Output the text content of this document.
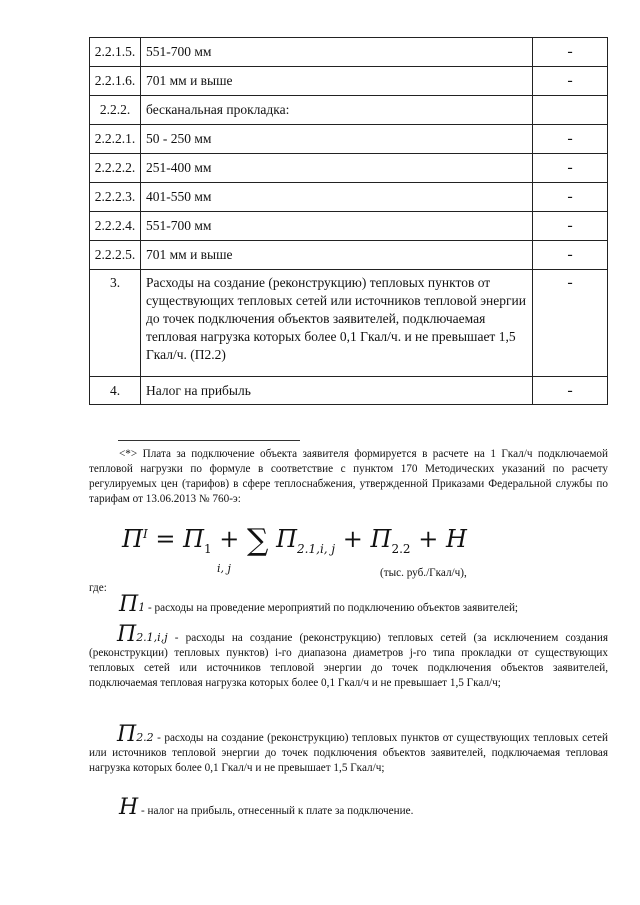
2.2.1.5.	551-700 мм	-
2.2.1.6.	701 мм и выше	-
2.2.2.	бесканальная прокладка:	
2.2.2.1.	50 - 250 мм	-
2.2.2.2.	251-400 мм	-
2.2.2.3.	401-550 мм	-
2.2.2.4.	551-700 мм	-
2.2.2.5.	701 мм и выше	-
3.	Расходы на создание (реконструкцию) тепловых пунктов от существующих тепловых сетей или источников тепловой энергии до точек подключения объектов заявителей, подключаемая тепловая нагрузка которых более 0,1 Гкал/ч. и не превышает 1,5 Гкал/ч. (П2.2)	-
4.	Налог на прибыль	-
<*> Плата за подключение объекта заявителя формируется в расчете на 1 Гкал/ч подключаемой тепловой нагрузки по формуле в соответствие с пунктом 170 Методических указаний по расчету регулируемых цен (тарифов) в сфере теплоснабжения, утвержденной Приказами Федеральной службы по тарифам от 13.06.2013 № 760-э:
$П^I = П_1$ + ∑ $П_{2.1,i, j} + П_{2.2} + Н$
i, j	(тыс. руб./Гкал/ч),
где:
П1 - расходы на проведение мероприятий по подключению объектов заявителей;
П2.1,i,j - расходы на создание (реконструкцию) тепловых сетей (за исключением создания (реконструкции) тепловых пунктов) i-го диапазона диаметров j-го типа прокладки от существующих тепловых сетей или источников тепловой энергии до точек подключения объектов заявителей, подключаемая тепловая нагрузка которых более 0,1 Гкал/ч и не превышает 1,5 Гкал/ч;
П2.2 - расходы на создание (реконструкцию) тепловых пунктов от существующих тепловых сетей или источников тепловой энергии до точек подключения объектов заявителей, подключаемая тепловая нагрузка которых более 0,1 Гкал/ч и не превышает 1,5 Гкал/ч;
Н - налог на прибыль, отнесенный к плате за подключение.
